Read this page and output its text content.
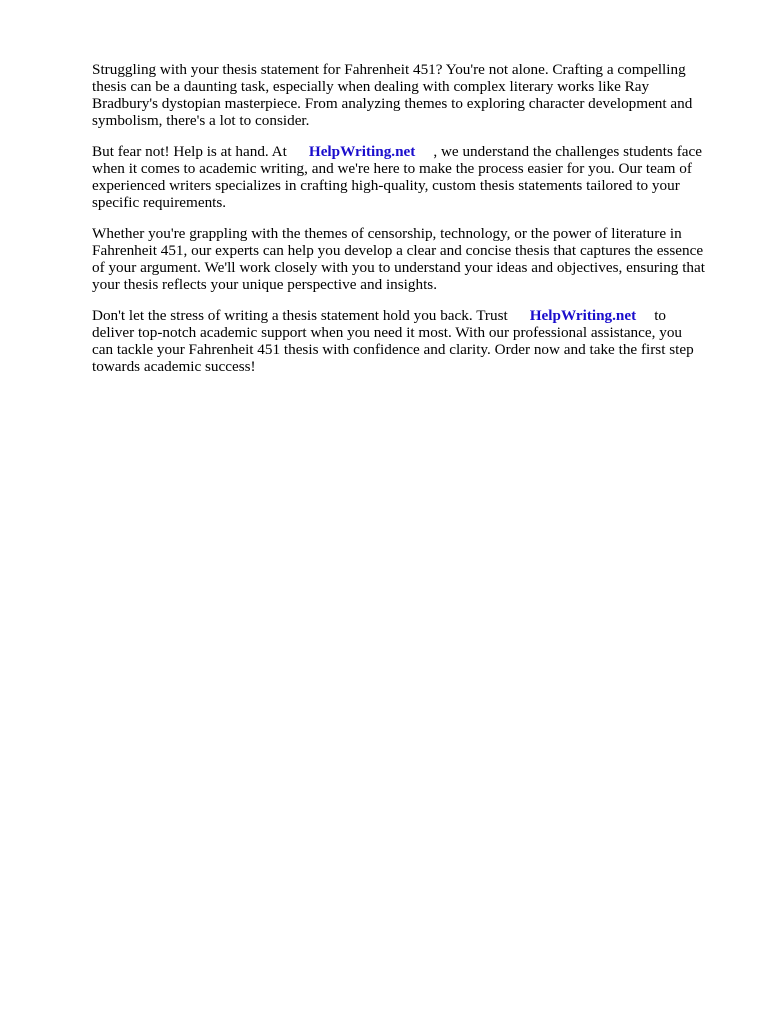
Struggling with your thesis statement for Fahrenheit 451? You're not alone. Crafting a compelling
thesis can be a daunting task, especially when dealing with complex literary works like Ray
Bradbury's dystopian masterpiece. From analyzing themes to exploring character development and
symbolism, there's a lot to consider.

But fear not! Help is at hand. At HelpWriting.net , we understand the challenges students face
when it comes to academic writing, and we're here to make the process easier for you. Our team of
experienced writers specializes in crafting high-quality, custom thesis statements tailored to your
specific requirements.

Whether you're grappling with the themes of censorship, technology, or the power of literature in
Fahrenheit 451, our experts can help you develop a clear and concise thesis that captures the essence
of your argument. We'll work closely with you to understand your ideas and objectives, ensuring that
your thesis reflects your unique perspective and insights.

Don't let the stress of writing a thesis statement hold you back. Trust HelpWriting.net to
deliver top-notch academic support when you need it most. With our professional assistance, you
can tackle your Fahrenheit 451 thesis with confidence and clarity. Order now and take the first step
towards academic success!
